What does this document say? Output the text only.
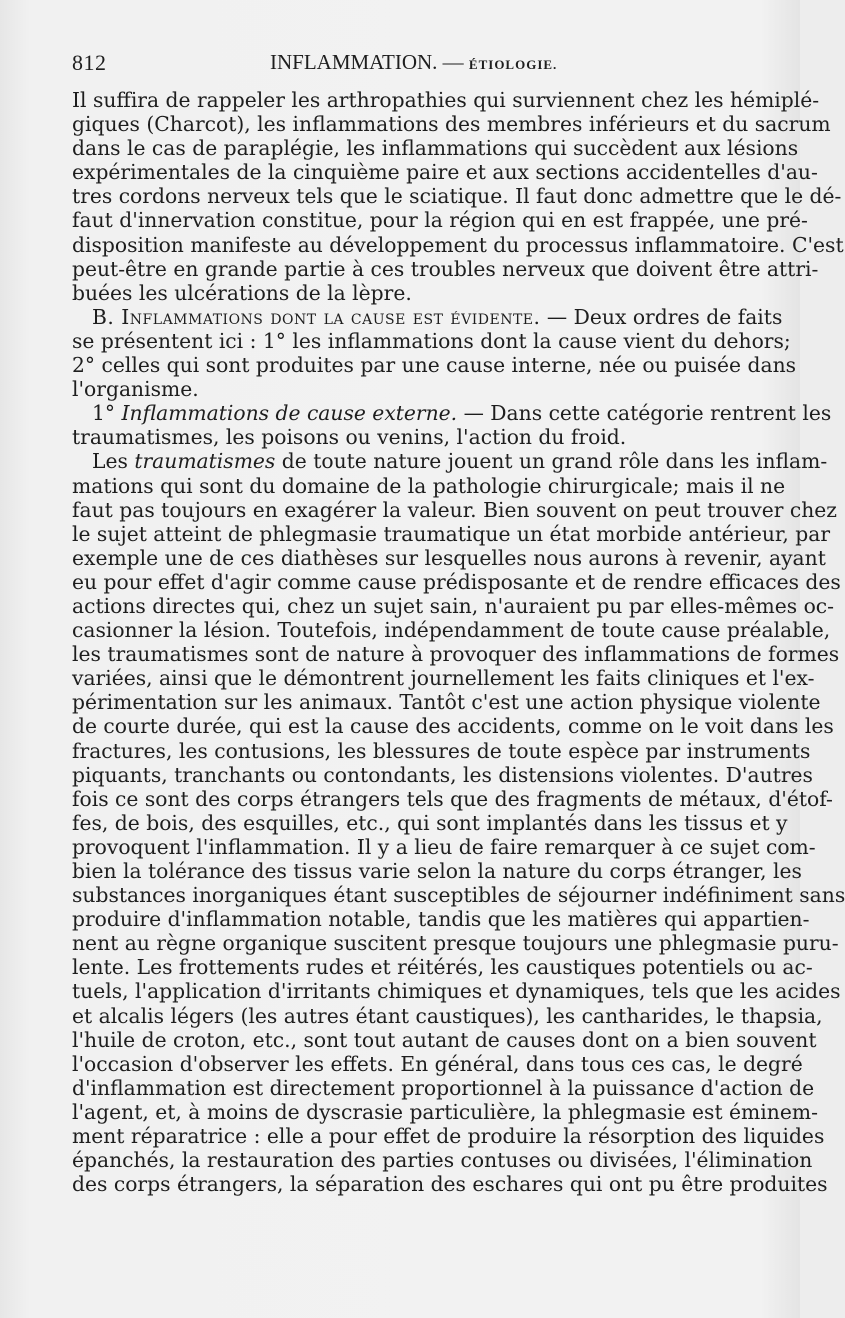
812	INFLAMMATION. — ÉTIOLOGIE.
Il suffira de rappeler les arthropathies qui surviennent chez les hémiplé-
giques (Charcot), les inflammations des membres inférieurs et du sacrum
dans le cas de paraplégie, les inflammations qui succèdent aux lésions
expérimentales de la cinquième paire et aux sections accidentelles d'au-
tres cordons nerveux tels que le sciatique. Il faut donc admettre que le dé-
faut d'innervation constitue, pour la région qui en est frappée, une pré-
disposition manifeste au développement du processus inflammatoire. C'est
peut-être en grande partie à ces troubles nerveux que doivent être attri-
buées les ulcérations de la lèpre.
B. Inflammations dont la cause est évidente. — Deux ordres de faits
se présentent ici : 1° les inflammations dont la cause vient du dehors;
2° celles qui sont produites par une cause interne, née ou puisée dans
l'organisme.
1° Inflammations de cause externe. — Dans cette catégorie rentrent les
traumatismes, les poisons ou venins, l'action du froid.
Les traumatismes de toute nature jouent un grand rôle dans les inflam-
mations qui sont du domaine de la pathologie chirurgicale; mais il ne
faut pas toujours en exagérer la valeur. Bien souvent on peut trouver chez
le sujet atteint de phlegmasie traumatique un état morbide antérieur, par
exemple une de ces diathèses sur lesquelles nous aurons à revenir, ayant
eu pour effet d'agir comme cause prédisposante et de rendre efficaces des
actions directes qui, chez un sujet sain, n'auraient pu par elles-mêmes oc-
casionner la lésion. Toutefois, indépendamment de toute cause préalable,
les traumatismes sont de nature à provoquer des inflammations de formes
variées, ainsi que le démontrent journellement les faits cliniques et l'ex-
périmentation sur les animaux. Tantôt c'est une action physique violente
de courte durée, qui est la cause des accidents, comme on le voit dans les
fractures, les contusions, les blessures de toute espèce par instruments
piquants, tranchants ou contondants, les distensions violentes. D'autres
fois ce sont des corps étrangers tels que des fragments de métaux, d'étof-
fes, de bois, des esquilles, etc., qui sont implantés dans les tissus et y
provoquent l'inflammation. Il y a lieu de faire remarquer à ce sujet com-
bien la tolérance des tissus varie selon la nature du corps étranger, les
substances inorganiques étant susceptibles de séjourner indéfiniment sans
produire d'inflammation notable, tandis que les matières qui appartien-
nent au règne organique suscitent presque toujours une phlegmasie puru-
lente. Les frottements rudes et réitérés, les caustiques potentiels ou ac-
tuels, l'application d'irritants chimiques et dynamiques, tels que les acides
et alcalis légers (les autres étant caustiques), les cantharides, le thapsia,
l'huile de croton, etc., sont tout autant de causes dont on a bien souvent
l'occasion d'observer les effets. En général, dans tous ces cas, le degré
d'inflammation est directement proportionnel à la puissance d'action de
l'agent, et, à moins de dyscrasie particulière, la phlegmasie est éminem-
ment réparatrice : elle a pour effet de produire la résorption des liquides
épanchés, la restauration des parties contuses ou divisées, l'élimination
des corps étrangers, la séparation des eschares qui ont pu être produites
